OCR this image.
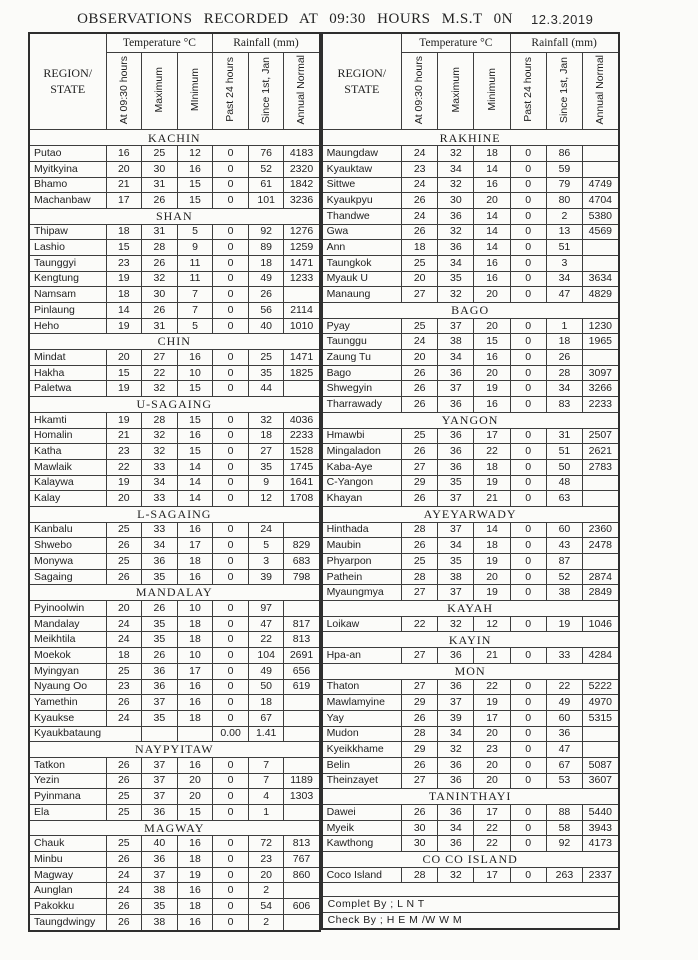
OBSERVATIONS RECORDED AT 09:30 HOURS M.S.T 0N	12.3.2019
REGION/
STATE	Temperature °C			Rainfall (mm)		
	At 09:30 hours	Maximum	MInimum	Past 24 hours	Since 1st, Jan	Annual Normal
KACHIN						
Putao	16	25	12	0	76	4183
Myitkyina	20	30	16	0	52	2320
Bhamo	21	31	15	0	61	1842
Machanbaw	17	26	15	0	101	3236
SHAN						
Thipaw	18	31	5	0	92	1276
Lashio	15	28	9	0	89	1259
Taunggyi	23	26	11	0	18	1471
Kengtung	19	32	11	0	49	1233
Namsam	18	30	7	0	26	
Pinlaung	14	26	7	0	56	2114
Heho	19	31	5	0	40	1010
CHIN						
Mindat	20	27	16	0	25	1471
Hakha	15	22	10	0	35	1825
Paletwa	19	32	15	0	44	
U-SAGAING						
Hkamti	19	28	15	0	32	4036
Homalin	21	32	16	0	18	2233
Katha	23	32	15	0	27	1528
Mawlaik	22	33	14	0	35	1745
Kalaywa	19	34	14	0	9	1641
Kalay	20	33	14	0	12	1708
L-SAGAING						
Kanbalu	25	33	16	0	24	
Shwebo	26	34	17	0	5	829
Monywa	25	36	18	0	3	683
Sagaing	26	35	16	0	39	798
MANDALAY						
Pyinoolwin	20	26	10	0	97	
Mandalay	24	35	18	0	47	817
Meikhtila	24	35	18	0	22	813
Moekok	18	26	10	0	104	2691
Myingyan	25	36	17	0	49	656
Nyaung Oo	23	36	16	0	50	619
Yamethin	26	37	16	0	18	
Kyaukse	24	35	18	0	67	
Kyaukbataung				0.00	1.41	
NAYPYITAW						
Tatkon	26	37	16	0	7	
Yezin	26	37	20	0	7	1189
Pyinmana	25	37	20	0	4	1303
Ela	25	36	15	0	1	
MAGWAY						
Chauk	25	40	16	0	72	813
Minbu	26	36	18	0	23	767
Magway	24	37	19	0	20	860
Aunglan	24	38	16	0	2	
Pakokku	26	35	18	0	54	606
Taungdwingy	26	38	16	0	2	
REGION/
STATE	Temperature °C			Rainfall (mm)		
	At 09:30 hours	Maximum	Minimum	Past 24 hours	Since 1st, Jan	Annual Normal
RAKHINE						
Maungdaw	24	32	18	0	86	
Kyauktaw	23	34	14	0	59	
Sittwe	24	32	16	0	79	4749
Kyaukpyu	26	30	20	0	80	4704
Thandwe	24	36	14	0	2	5380
Gwa	26	32	14	0	13	4569
Ann	18	36	14	0	51	
Taungkok	25	34	16	0	3	
Myauk U	20	35	16	0	34	3634
Manaung	27	32	20	0	47	4829
BAGO						
Pyay	25	37	20	0	1	1230
Taunggu	24	38	15	0	18	1965
Zaung Tu	20	34	16	0	26	
Bago	26	36	20	0	28	3097
Shwegyin	26	37	19	0	34	3266
Tharrawady	26	36	16	0	83	2233
YANGON						
Hmawbi	25	36	17	0	31	2507
Mingaladon	26	36	22	0	51	2621
Kaba-Aye	27	36	18	0	50	2783
C-Yangon	29	35	19	0	48	
Khayan	26	37	21	0	63	
AYEYARWADY						
Hinthada	28	37	14	0	60	2360
Maubin	26	34	18	0	43	2478
Phyarpon	25	35	19	0	87	
Pathein	28	38	20	0	52	2874
Myaungmya	27	37	19	0	38	2849
KAYAH						
Loikaw	22	32	12	0	19	1046
KAYIN						
Hpa-an	27	36	21	0	33	4284
MON						
Thaton	27	36	22	0	22	5222
Mawlamyine	29	37	19	0	49	4970
Yay	26	39	17	0	60	5315
Mudon	28	34	20	0	36	
Kyeikkhame	29	32	23	0	47	
Belin	26	36	20	0	67	5087
Theinzayet	27	36	20	0	53	3607
TANINTHAYI						
Dawei	26	36	17	0	88	5440
Myeik	30	34	22	0	58	3943
Kawthong	30	36	22	0	92	4173
CO CO ISLAND						
Coco Island	28	32	17	0	263	2337

Complet By ; L N T						
Check By ; H E M /W W M						
